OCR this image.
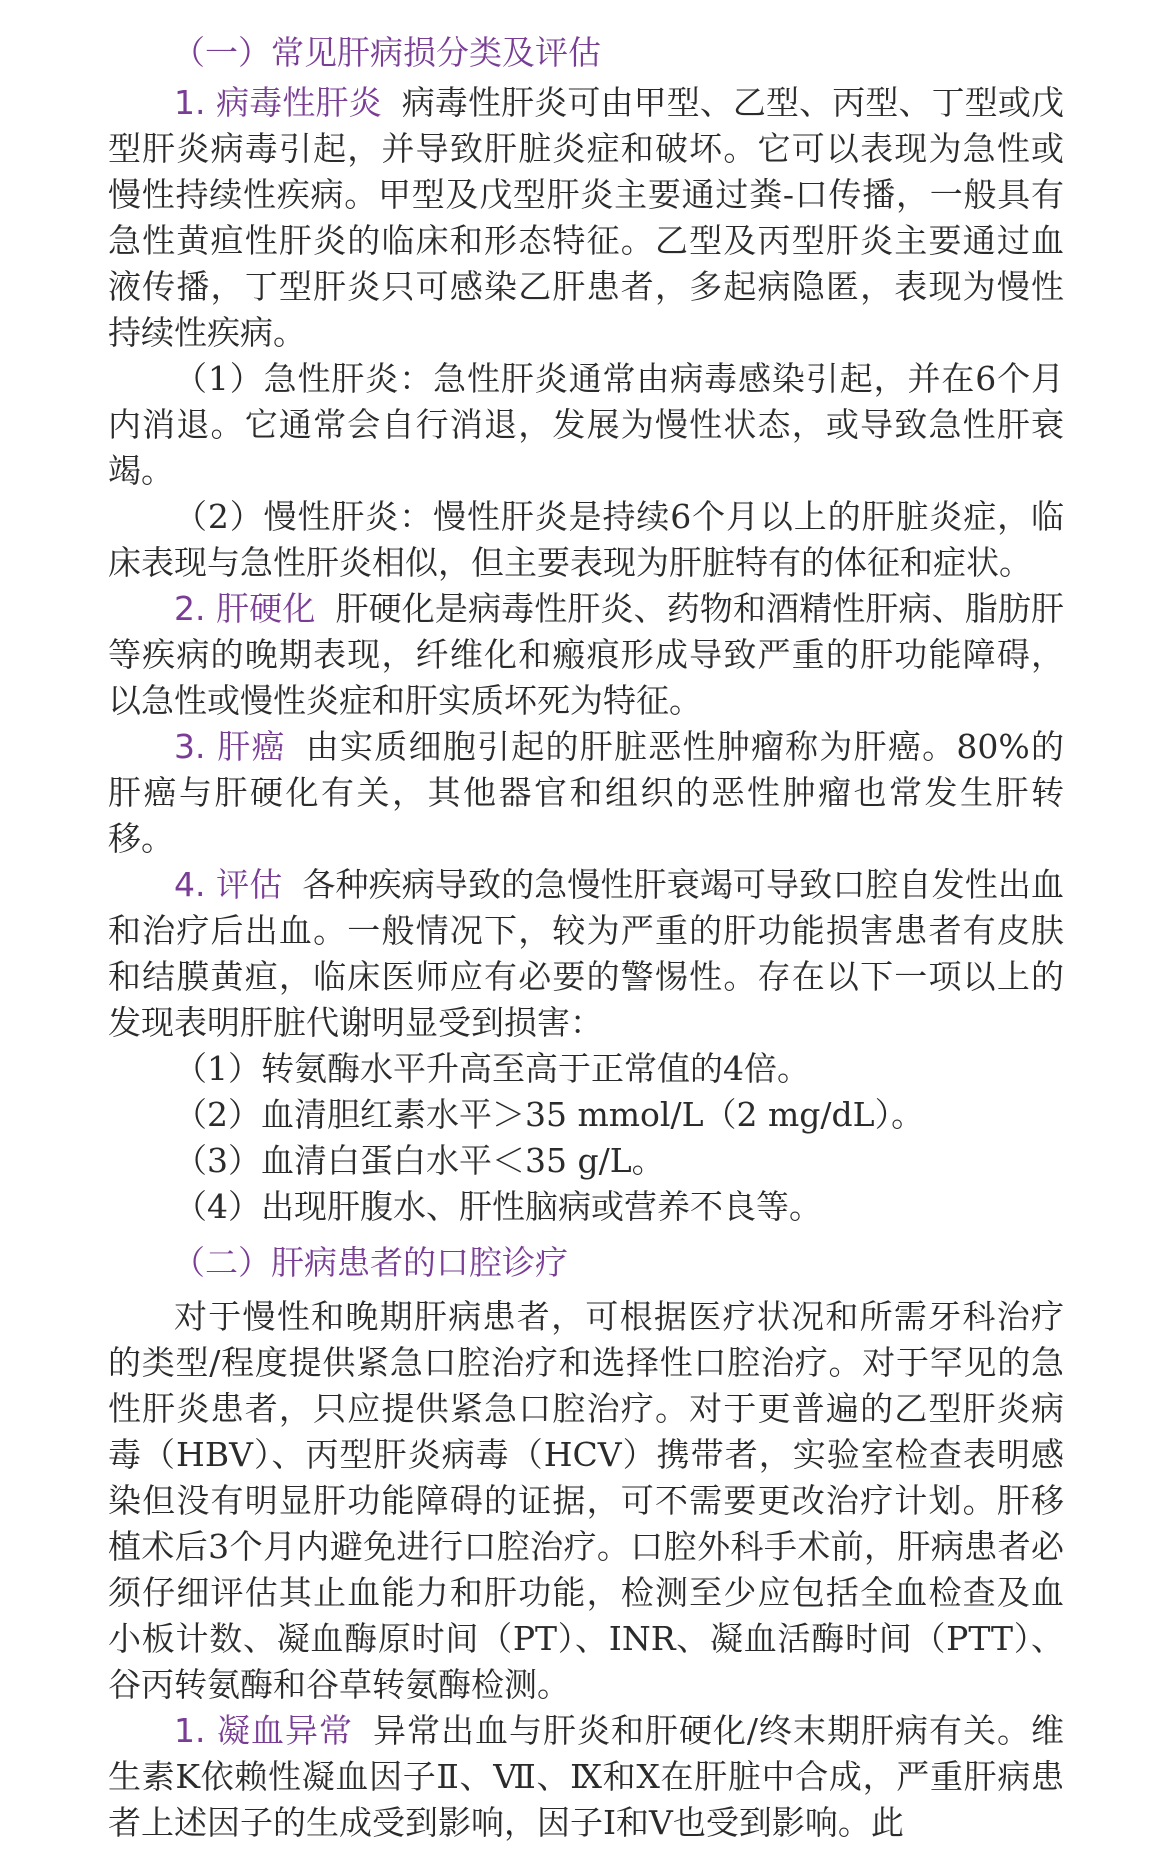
（一）常见肝病损分类及评估

1. 病毒性肝炎 病毒性肝炎可由甲型、乙型、丙型、丁型或戊型肝炎病毒引起，并导致肝脏炎症和破坏。它可以表现为急性或慢性持续性疾病。甲型及戊型肝炎主要通过粪-口传播，一般具有急性黄疸性肝炎的临床和形态特征。乙型及丙型肝炎主要通过血液传播，丁型肝炎只可感染乙肝患者，多起病隐匿，表现为慢性持续性疾病。

（1）急性肝炎：急性肝炎通常由病毒感染引起，并在6个月内消退。它通常会自行消退，发展为慢性状态，或导致急性肝衰竭。

（2）慢性肝炎：慢性肝炎是持续6个月以上的肝脏炎症，临床表现与急性肝炎相似，但主要表现为肝脏特有的体征和症状。

2. 肝硬化 肝硬化是病毒性肝炎、药物和酒精性肝病、脂肪肝等疾病的晚期表现，纤维化和瘢痕形成导致严重的肝功能障碍，以急性或慢性炎症和肝实质坏死为特征。

3. 肝癌 由实质细胞引起的肝脏恶性肿瘤称为肝癌。80%的肝癌与肝硬化有关，其他器官和组织的恶性肿瘤也常发生肝转移。

4. 评估 各种疾病导致的急慢性肝衰竭可导致口腔自发性出血和治疗后出血。一般情况下，较为严重的肝功能损害患者有皮肤和结膜黄疸，临床医师应有必要的警惕性。存在以下一项以上的发现表明肝脏代谢明显受到损害：

（1）转氨酶水平升高至高于正常值的4倍。

（2）血清胆红素水平＞35 mmol/L（2 mg/dL）。

（3）血清白蛋白水平＜35 g/L。

（4）出现肝腹水、肝性脑病或营养不良等。

（二）肝病患者的口腔诊疗

对于慢性和晚期肝病患者，可根据医疗状况和所需牙科治疗的类型/程度提供紧急口腔治疗和选择性口腔治疗。对于罕见的急性肝炎患者，只应提供紧急口腔治疗。对于更普遍的乙型肝炎病毒（HBV）、丙型肝炎病毒（HCV）携带者，实验室检查表明感染但没有明显肝功能障碍的证据，可不需要更改治疗计划。肝移植术后3个月内避免进行口腔治疗。口腔外科手术前，肝病患者必须仔细评估其止血能力和肝功能，检测至少应包括全血检查及血小板计数、凝血酶原时间（PT）、INR、凝血活酶时间（PTT）、谷丙转氨酶和谷草转氨酶检测。

1. 凝血异常 异常出血与肝炎和肝硬化/终末期肝病有关。维生素K依赖性凝血因子Ⅱ、Ⅶ、Ⅸ和Ⅹ在肝脏中合成，严重肝病患者上述因子的生成受到影响，因子Ⅰ和Ⅴ也受到影响。此
